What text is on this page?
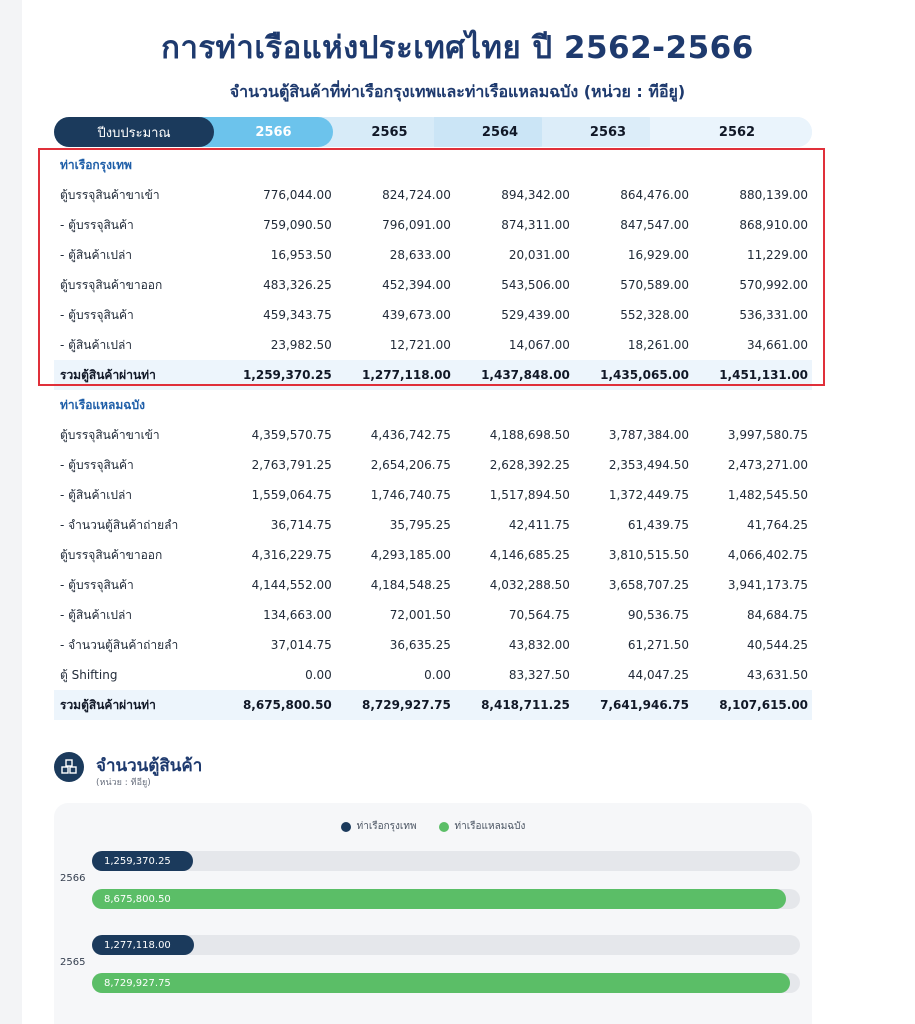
การท่าเรือแห่งประเทศไทย ปี 2562-2566
จำนวนตู้สินค้าที่ท่าเรือกรุงเทพและท่าเรือแหลมฉบัง (หน่วย : ทีอียู)
ปีงบประมาณ	2566	2565	2564	2563	2562
ท่าเรือกรุงเทพ
ตู้บรรจุสินค้าขาเข้า	776,044.00	824,724.00	894,342.00	864,476.00	880,139.00
- ตู้บรรจุสินค้า	759,090.50	796,091.00	874,311.00	847,547.00	868,910.00
- ตู้สินค้าเปล่า	16,953.50	28,633.00	20,031.00	16,929.00	11,229.00
ตู้บรรจุสินค้าขาออก	483,326.25	452,394.00	543,506.00	570,589.00	570,992.00
- ตู้บรรจุสินค้า	459,343.75	439,673.00	529,439.00	552,328.00	536,331.00
- ตู้สินค้าเปล่า	23,982.50	12,721.00	14,067.00	18,261.00	34,661.00
รวมตู้สินค้าผ่านท่า	1,259,370.25	1,277,118.00	1,437,848.00	1,435,065.00	1,451,131.00
ท่าเรือแหลมฉบัง
ตู้บรรจุสินค้าขาเข้า	4,359,570.75	4,436,742.75	4,188,698.50	3,787,384.00	3,997,580.75
- ตู้บรรจุสินค้า	2,763,791.25	2,654,206.75	2,628,392.25	2,353,494.50	2,473,271.00
- ตู้สินค้าเปล่า	1,559,064.75	1,746,740.75	1,517,894.50	1,372,449.75	1,482,545.50
- จำนวนตู้สินค้าถ่ายลำ	36,714.75	35,795.25	42,411.75	61,439.75	41,764.25
ตู้บรรจุสินค้าขาออก	4,316,229.75	4,293,185.00	4,146,685.25	3,810,515.50	4,066,402.75
- ตู้บรรจุสินค้า	4,144,552.00	4,184,548.25	4,032,288.50	3,658,707.25	3,941,173.75
- ตู้สินค้าเปล่า	134,663.00	72,001.50	70,564.75	90,536.75	84,684.75
- จำนวนตู้สินค้าถ่ายลำ	37,014.75	36,635.25	43,832.00	61,271.50	40,544.25
ตู้ Shifting	0.00	0.00	83,327.50	44,047.25	43,631.50
รวมตู้สินค้าผ่านท่า	8,675,800.50	8,729,927.75	8,418,711.25	7,641,946.75	8,107,615.00
จำนวนตู้สินค้า
(หน่วย : ทีอียู)
ท่าเรือกรุงเทพ	ท่าเรือแหลมฉบัง
2566
1,259,370.25
8,675,800.50
2565
1,277,118.00
8,729,927.75
